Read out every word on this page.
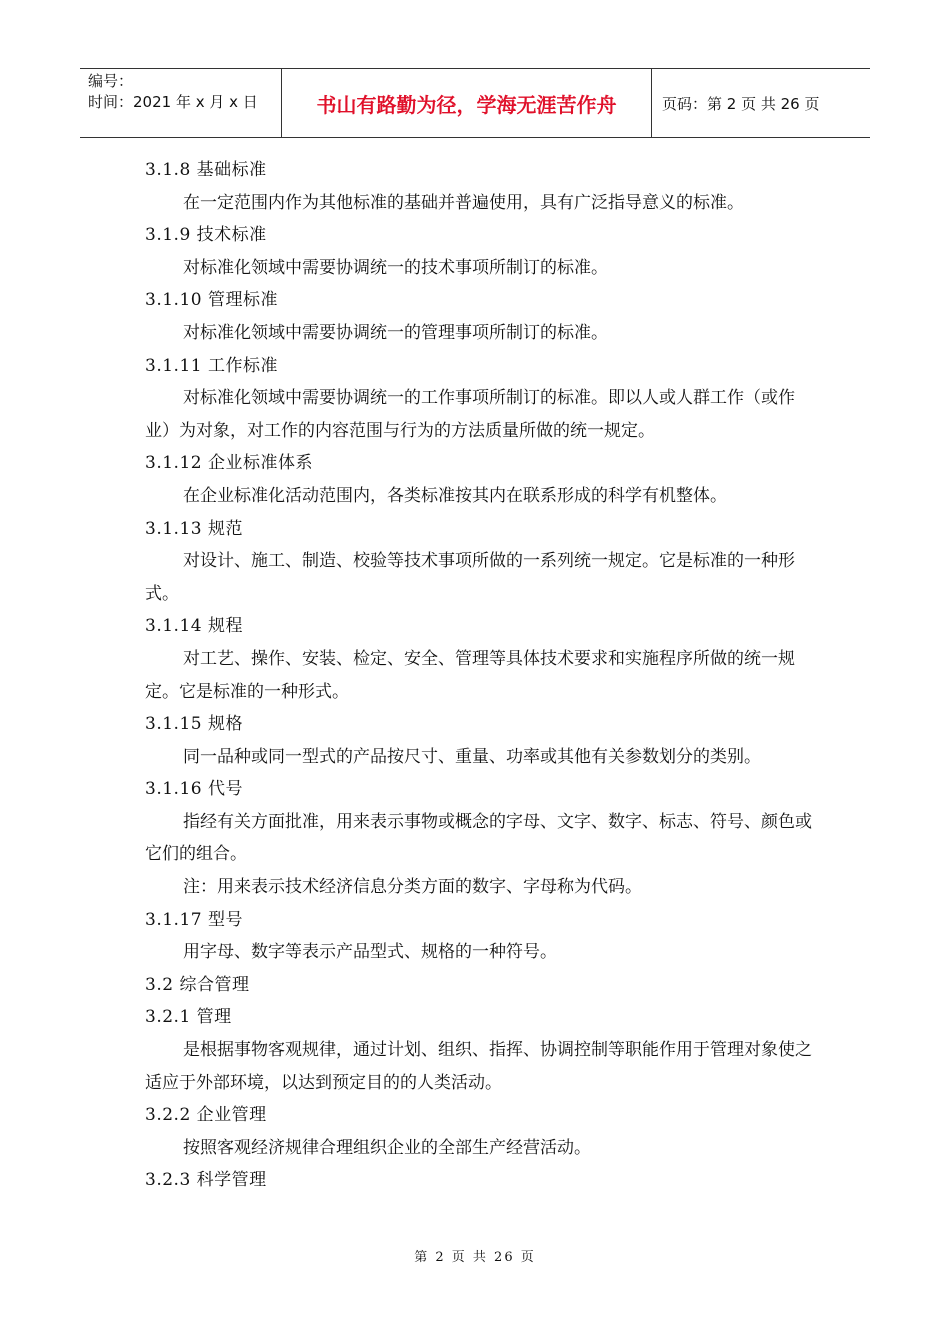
编号：
时间：2021 年 x 月 x 日	书山有路勤为径，学海无涯苦作舟	页码：第 2 页 共 26 页
3.1.8 基础标准
在一定范围内作为其他标准的基础并普遍使用，具有广泛指导意义的标准。
3.1.9 技术标准
对标准化领域中需要协调统一的技术事项所制订的标准。
3.1.10 管理标准
对标准化领域中需要协调统一的管理事项所制订的标准。
3.1.11 工作标准
对标准化领域中需要协调统一的工作事项所制订的标准。即以人或人群工作（或作业）为对象，对工作的内容范围与行为的方法质量所做的统一规定。
3.1.12 企业标准体系
在企业标准化活动范围内，各类标准按其内在联系形成的科学有机整体。
3.1.13 规范
对设计、施工、制造、校验等技术事项所做的一系列统一规定。它是标准的一种形式。
3.1.14 规程
对工艺、操作、安装、检定、安全、管理等具体技术要求和实施程序所做的统一规定。它是标准的一种形式。
3.1.15 规格
同一品种或同一型式的产品按尺寸、重量、功率或其他有关参数划分的类别。
3.1.16 代号
指经有关方面批准，用来表示事物或概念的字母、文字、数字、标志、符号、颜色或它们的组合。
注：用来表示技术经济信息分类方面的数字、字母称为代码。
3.1.17 型号
用字母、数字等表示产品型式、规格的一种符号。
3.2 综合管理
3.2.1 管理
是根据事物客观规律，通过计划、组织、指挥、协调控制等职能作用于管理对象使之适应于外部环境，以达到预定目的的人类活动。
3.2.2 企业管理
按照客观经济规律合理组织企业的全部生产经营活动。
3.2.3 科学管理
第 2 页 共 26 页
